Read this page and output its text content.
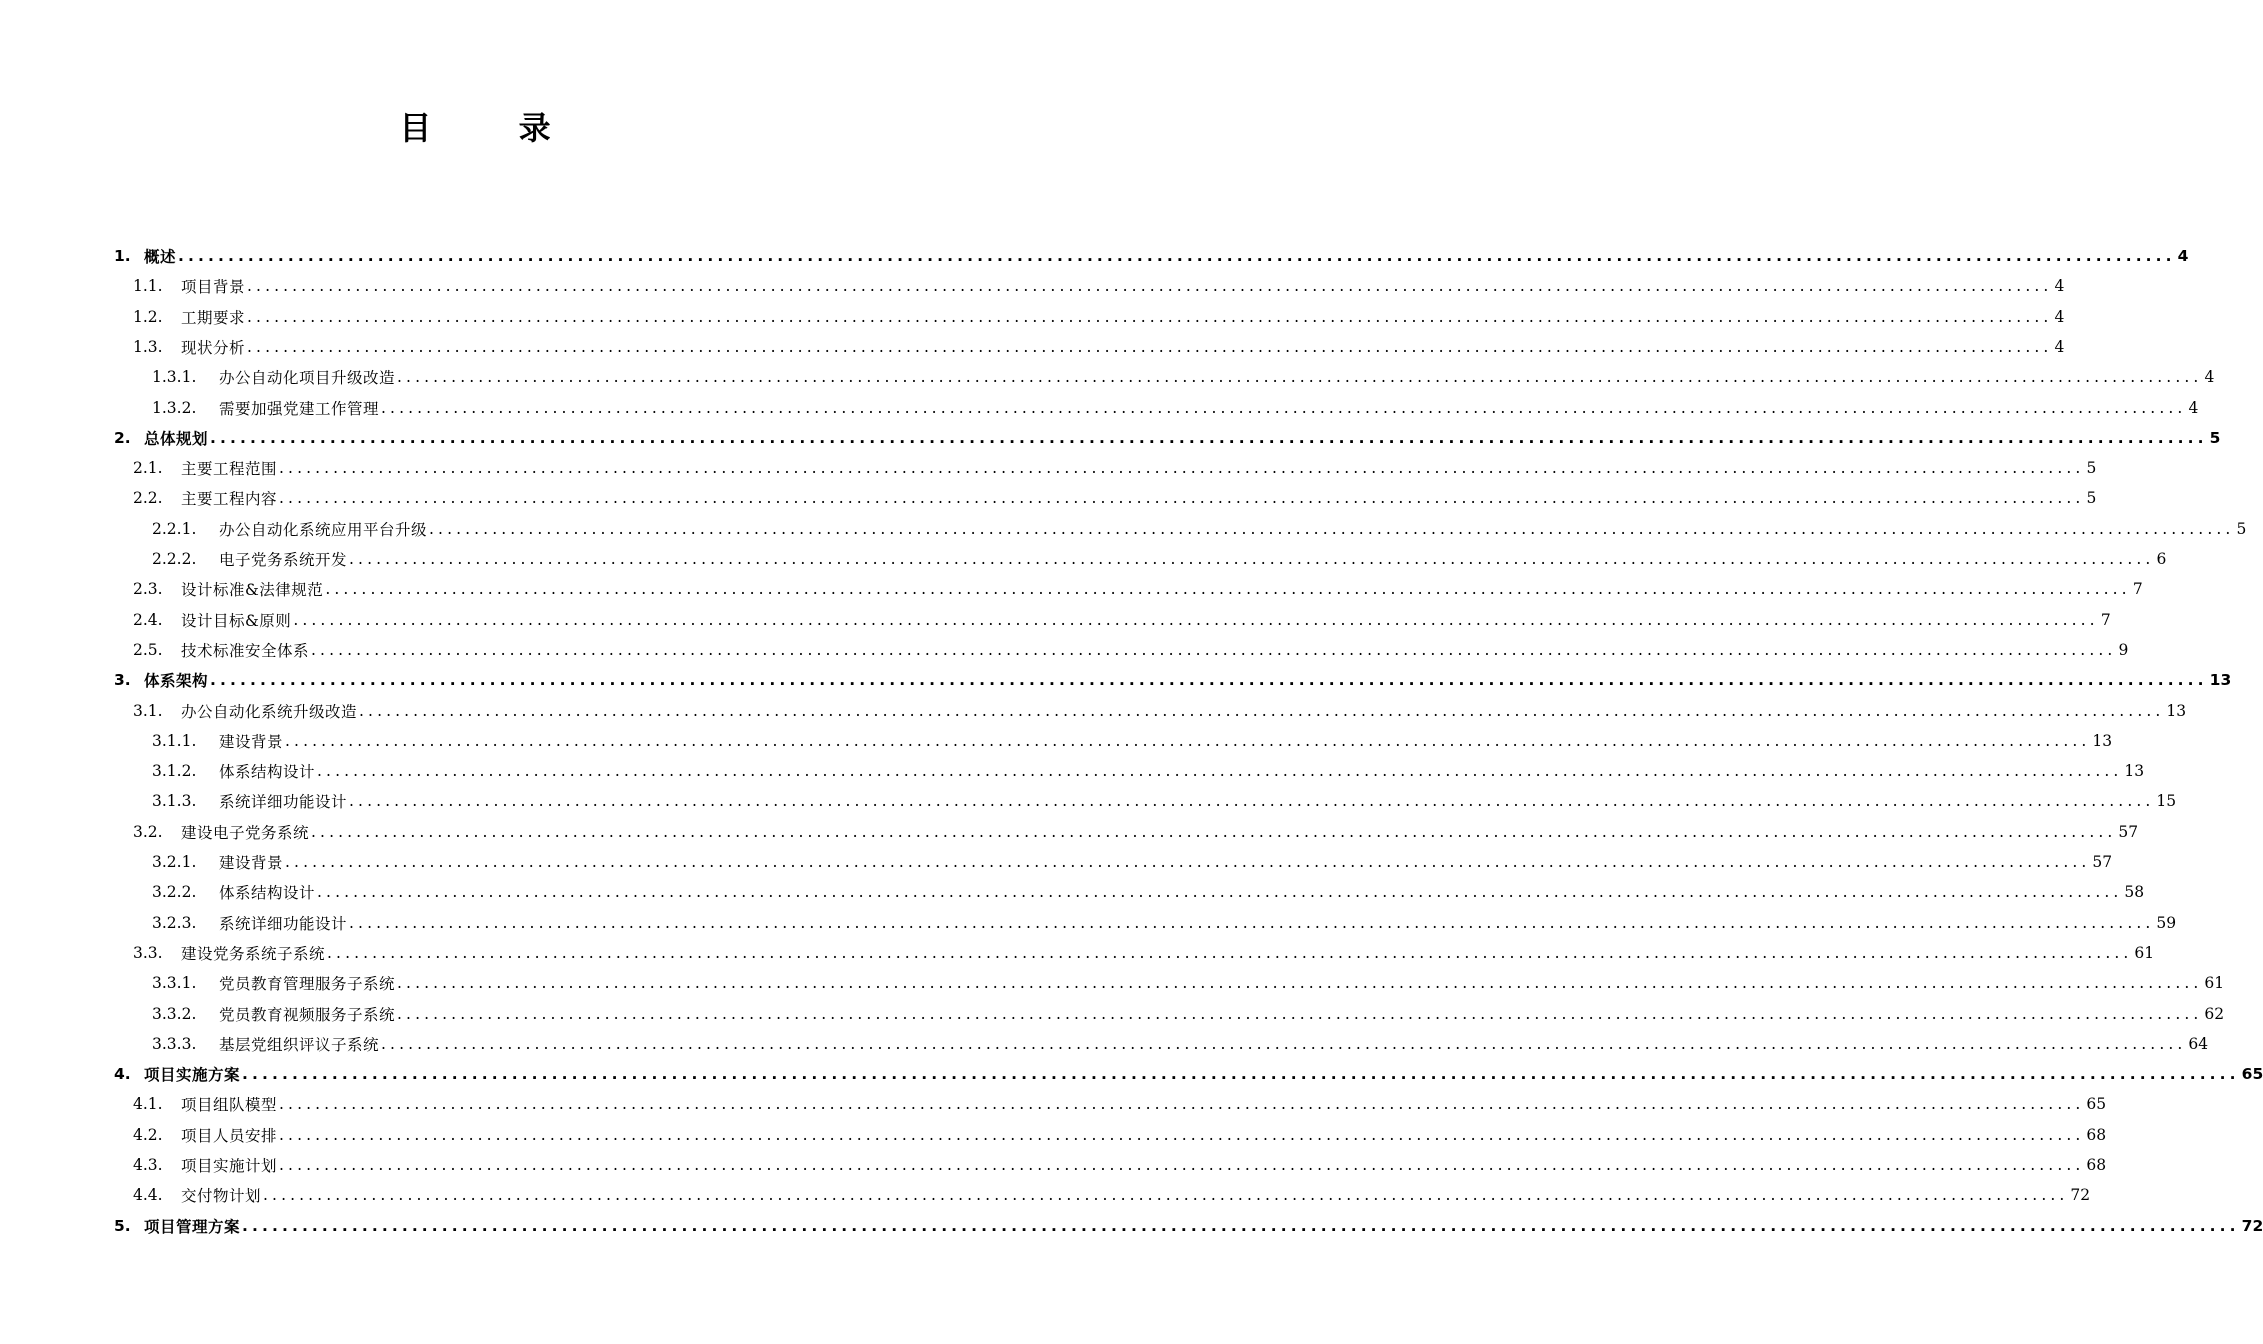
目 录
1. 概述 ........................................................................................................................................................................................................ 4
1.1.	项目背景 ........................................................................................................................................................................................................ 4
1.2.	工期要求 ........................................................................................................................................................................................................ 4
1.3.	现状分析 ........................................................................................................................................................................................................ 4
1.3.1.	办公自动化项目升级改造 ........................................................................................................................................................................................................ 4
1.3.2.	需要加强党建工作管理 ........................................................................................................................................................................................................ 4
2. 总体规划 ........................................................................................................................................................................................................ 5
2.1.	主要工程范围 ........................................................................................................................................................................................................ 5
2.2.	主要工程内容 ........................................................................................................................................................................................................ 5
2.2.1.	办公自动化系统应用平台升级 ........................................................................................................................................................................................................ 5
2.2.2.	电子党务系统开发 ........................................................................................................................................................................................................ 6
2.3.	设计标准&法律规范 ........................................................................................................................................................................................................ 7
2.4.	设计目标&原则 ........................................................................................................................................................................................................ 7
2.5.	技术标准安全体系 ........................................................................................................................................................................................................ 9
3. 体系架构 ........................................................................................................................................................................................................ 13
3.1.	办公自动化系统升级改造 ........................................................................................................................................................................................................ 13
3.1.1.	建设背景 ........................................................................................................................................................................................................ 13
3.1.2.	体系结构设计 ........................................................................................................................................................................................................ 13
3.1.3.	系统详细功能设计 ........................................................................................................................................................................................................ 15
3.2.	建设电子党务系统 ........................................................................................................................................................................................................ 57
3.2.1.	建设背景 ........................................................................................................................................................................................................ 57
3.2.2.	体系结构设计 ........................................................................................................................................................................................................ 58
3.2.3.	系统详细功能设计 ........................................................................................................................................................................................................ 59
3.3.	建设党务系统子系统 ........................................................................................................................................................................................................ 61
3.3.1.	党员教育管理服务子系统 ........................................................................................................................................................................................................ 61
3.3.2.	党员教育视频服务子系统 ........................................................................................................................................................................................................ 62
3.3.3.	基层党组织评议子系统 ........................................................................................................................................................................................................ 64
4. 项目实施方案 ........................................................................................................................................................................................................ 65
4.1.	项目组队模型 ........................................................................................................................................................................................................ 65
4.2.	项目人员安排 ........................................................................................................................................................................................................ 68
4.3.	项目实施计划 ........................................................................................................................................................................................................ 68
4.4.	交付物计划 ........................................................................................................................................................................................................ 72
5. 项目管理方案 ........................................................................................................................................................................................................ 72
